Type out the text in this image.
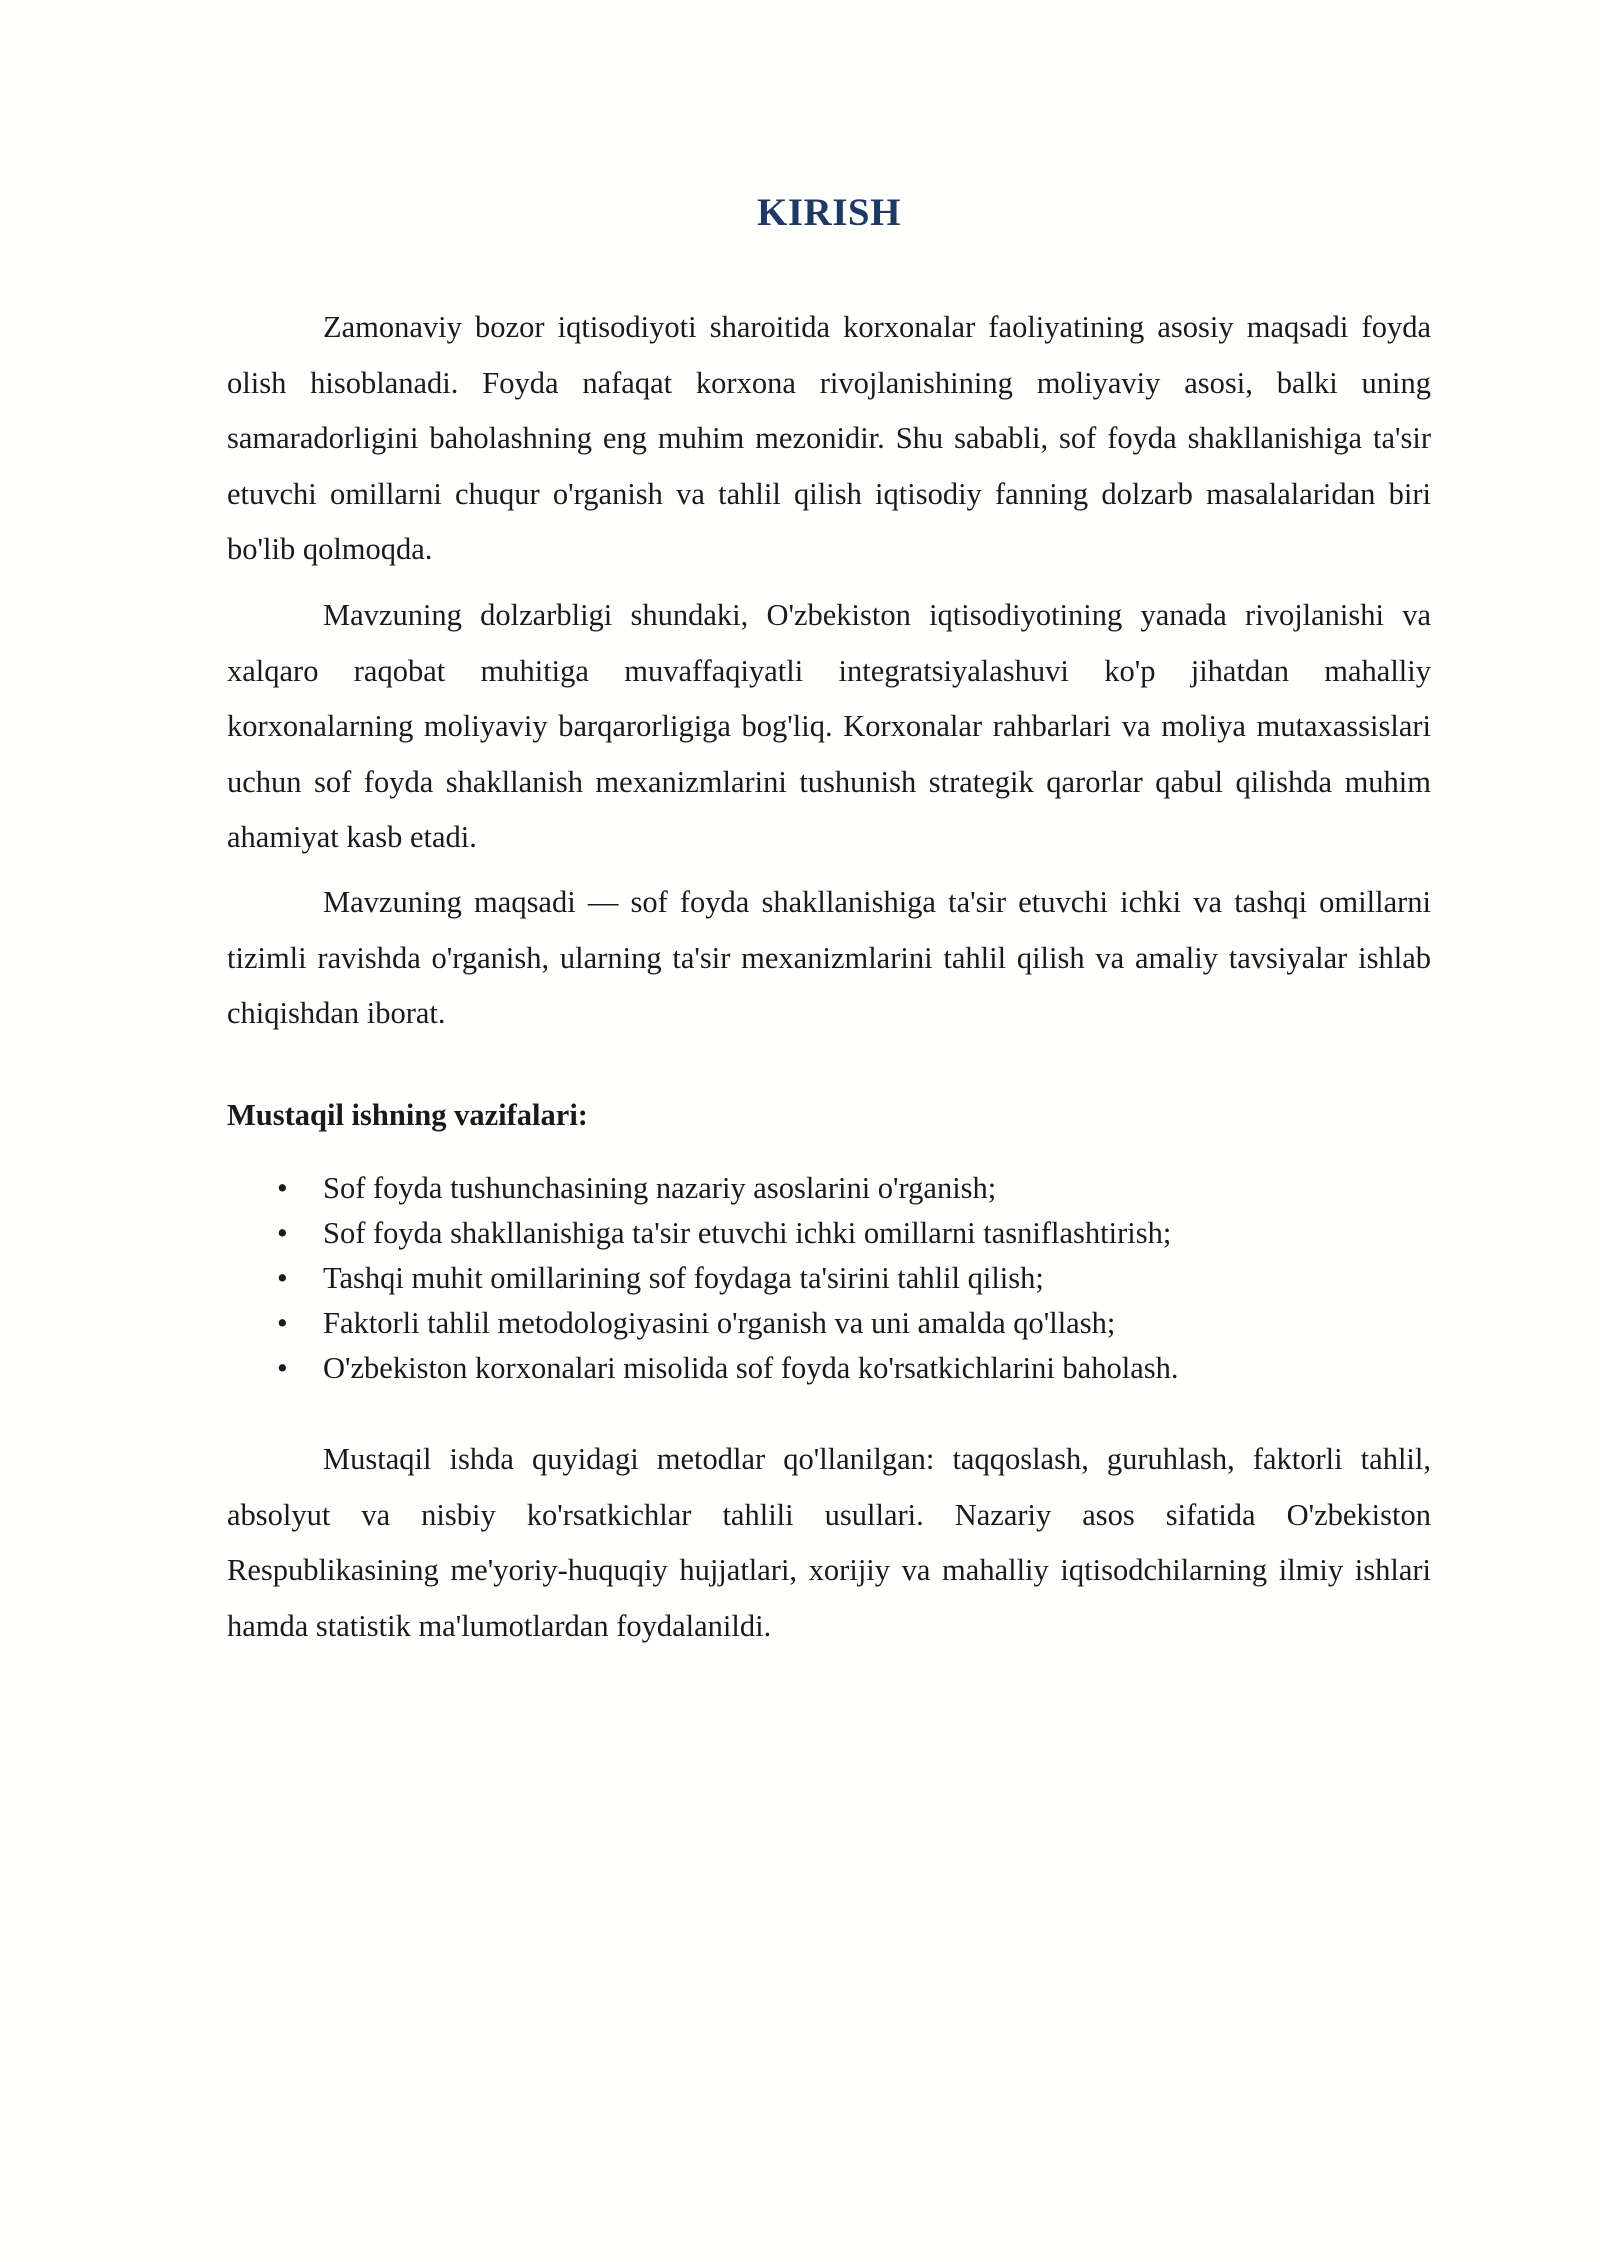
KIRISH

Zamonaviy bozor iqtisodiyoti sharoitida korxonalar faoliyatining asosiy maqsadi foyda olish hisoblanadi. Foyda nafaqat korxona rivojlanishining moliyaviy asosi, balki uning samaradorligini baholashning eng muhim mezonidir. Shu sababli, sof foyda shakllanishiga ta'sir etuvchi omillarni chuqur o'rganish va tahlil qilish iqtisodiy fanning dolzarb masalalaridan biri bo'lib qolmoqda.

Mavzuning dolzarbligi shundaki, O'zbekiston iqtisodiyotining yanada rivojlanishi va xalqaro raqobat muhitiga muvaffaqiyatli integratsiyalashuvi ko'p jihatdan mahalliy korxonalarning moliyaviy barqarorligiga bog'liq. Korxonalar rahbarlari va moliya mutaxassislari uchun sof foyda shakllanish mexanizmlarini tushunish strategik qarorlar qabul qilishda muhim ahamiyat kasb etadi.

Mavzuning maqsadi — sof foyda shakllanishiga ta'sir etuvchi ichki va tashqi omillarni tizimli ravishda o'rganish, ularning ta'sir mexanizmlarini tahlil qilish va amaliy tavsiyalar ishlab chiqishdan iborat.

Mustaqil ishning vazifalari:
• Sof foyda tushunchasining nazariy asoslarini o'rganish;
• Sof foyda shakllanishiga ta'sir etuvchi ichki omillarni tasniflashtirish;
• Tashqi muhit omillarining sof foydaga ta'sirini tahlil qilish;
• Faktorli tahlil metodologiyasini o'rganish va uni amalda qo'llash;
• O'zbekiston korxonalari misolida sof foyda ko'rsatkichlarini baholash.

Mustaqil ishda quyidagi metodlar qo'llanilgan: taqqoslash, guruhlash, faktorli tahlil, absolyut va nisbiy ko'rsatkichlar tahlili usullari. Nazariy asos sifatida O'zbekiston Respublikasining me'yoriy-huquqiy hujjatlari, xorijiy va mahalliy iqtisodchilarning ilmiy ishlari hamda statistik ma'lumotlardan foydalanildi.
